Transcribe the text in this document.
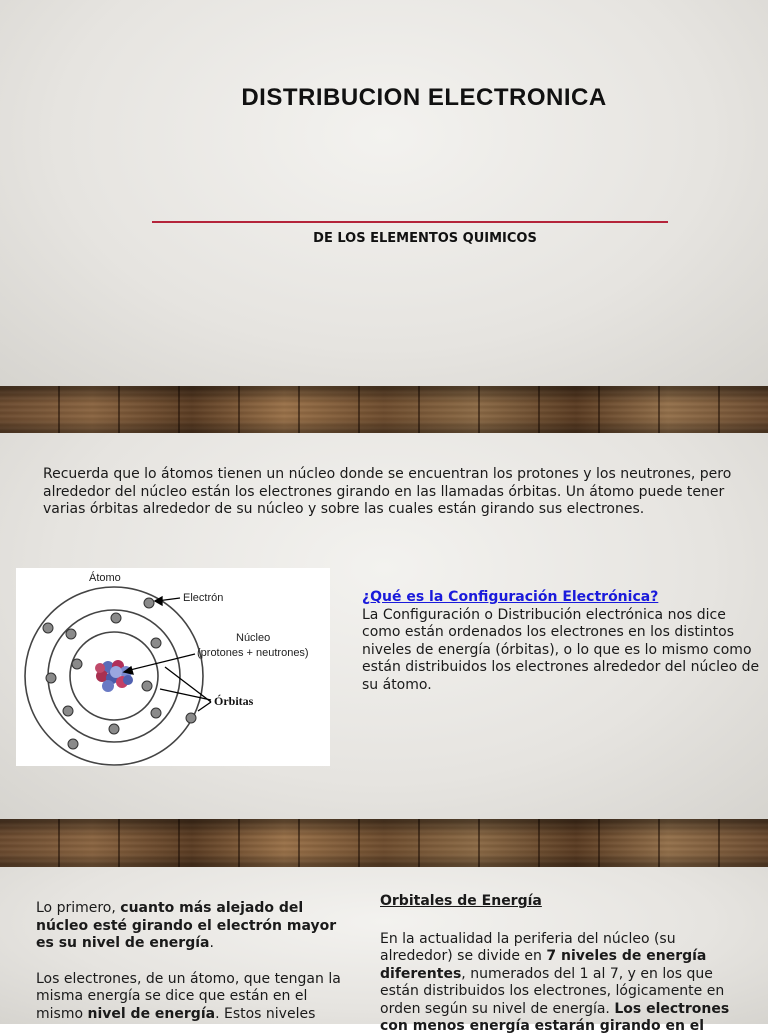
DISTRIBUCION ELECTRONICA
DE LOS ELEMENTOS QUIMICOS
Recuerda que lo átomos tienen un núcleo donde se encuentran los protones y los neutrones, pero alrededor del núcleo están los electrones girando en las llamadas órbitas. Un átomo puede tener varias órbitas alrededor de su núcleo y sobre las cuales están girando sus electrones.
Átomo
Electrón
Núcleo
(protones + neutrones)
Órbitas
¿Qué es la Configuración Electrónica?

La Configuración o Distribución electrónica nos dice como están ordenados los electrones en los distintos niveles de energía (órbitas), o lo que es lo mismo como están distribuidos los electrones alrededor del núcleo de su átomo.

Lo primero, cuanto más alejado del núcleo esté girando el electrón mayor es su nivel de energía.

Los electrones, de un átomo, que tengan la misma energía se dice que están en el mismo nivel de energía. Estos niveles

Orbitales de Energía

En la actualidad la periferia del núcleo (su alrededor) se divide en 7 niveles de energía diferentes, numerados del 1 al 7, y en los que están distribuidos los electrones, lógicamente en orden según su nivel de energía. Los electrones con menos energía estarán girando en el
